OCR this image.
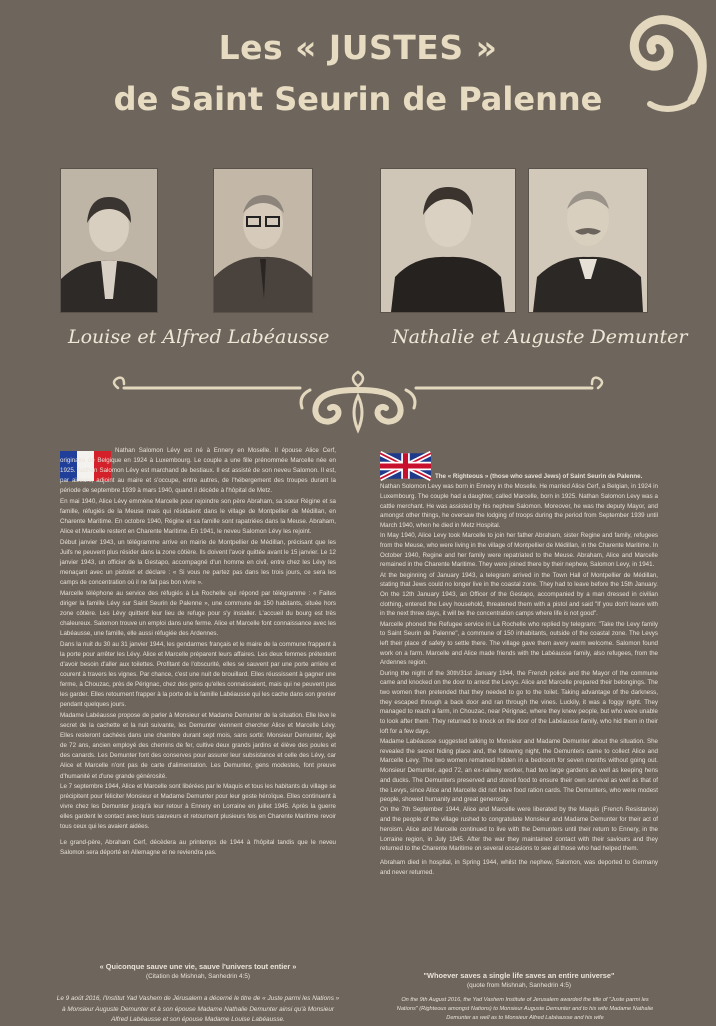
Les « JUSTES »
de Saint Seurin de Palenne
Louise et Alfred Labéausse	Nathalie et Auguste Demunter

Nathan Salomon Lévy est né à Ennery en Moselle. Il épouse Alice Cerf, originaire de Belgique en 1924 à Luxembourg. Le couple a une fille prénommée Marcelle née en 1925. Nathan Salomon Lévy est marchand de bestiaux. Il est assisté de son neveu Salomon. Il est, par ailleurs, adjoint au maire et s'occupe, entre autres, de l'hébergement des troupes durant la période de septembre 1939 à mars 1940, quand il décède à l'hôpital de Metz.

En mai 1940, Alice Lévy emmène Marcelle pour rejoindre son père Abraham, sa sœur Régine et sa famille, réfugiés de la Meuse mais qui résidaient dans le village de Montpellier de Médillan, en Charente Maritime. En octobre 1940, Régine et sa famille sont rapatriées dans la Meuse. Abraham, Alice et Marcelle restent en Charente Maritime. En 1941, le neveu Salomon Lévy les rejoint.

Début janvier 1943, un télégramme arrive en mairie de Montpellier de Médillan, précisant que les Juifs ne peuvent plus résider dans la zone côtière. Ils doivent l'avoir quittée avant le 15 janvier. Le 12 janvier 1943, un officier de la Gestapo, accompagné d'un homme en civil, entre chez les Lévy les menaçant avec un pistolet et déclare : « Si vous ne partez pas dans les trois jours, ce sera les camps de concentration où il ne fait pas bon vivre ».

Marcelle téléphone au service des réfugiés à La Rochelle qui répond par télégramme : « Faites diriger la famille Lévy sur Saint Seurin de Palenne », une commune de 150 habitants, située hors zone côtière. Les Lévy quittent leur lieu de refuge pour s'y installer. L'accueil du bourg est très chaleureux. Salomon trouve un emploi dans une ferme. Alice et Marcelle font connaissance avec les Labéausse, une famille, elle aussi réfugiée des Ardennes.

Dans la nuit du 30 au 31 janvier 1944, les gendarmes français et le maire de la commune frappent à la porte pour arrêter les Lévy. Alice et Marcelle préparent leurs affaires. Les deux femmes prétextent d'avoir besoin d'aller aux toilettes. Profitant de l'obscurité, elles se sauvent par une porte arrière et courent à travers les vignes. Par chance, c'est une nuit de brouillard. Elles réussissent à gagner une ferme, à Chouzac, près de Pérignac, chez des gens qu'elles connaissaient, mais qui ne peuvent pas les garder. Elles retournent frapper à la porte de la famille Labéausse qui les cache dans son grenier pendant quelques jours.

Madame Labéausse propose de parler à Monsieur et Madame Demunter de la situation. Elle lève le secret de la cachette et la nuit suivante, les Demunter viennent chercher Alice et Marcelle Lévy. Elles resteront cachées dans une chambre durant sept mois, sans sortir. Monsieur Demunter, âgé de 72 ans, ancien employé des chemins de fer, cultive deux grands jardins et élève des poules et des canards. Les Demunter font des conserves pour assurer leur subsistance et celle des Lévy, car Alice et Marcelle n'ont pas de carte d'alimentation. Les Demunter, gens modestes, font preuve d'humanité et d'une grande générosité.

Le 7 septembre 1944, Alice et Marcelle sont libérées par le Maquis et tous les habitants du village se précipitent pour féliciter Monsieur et Madame Demunter pour leur geste héroïque. Elles continuent à vivre chez les Demunter jusqu'à leur retour à Ennery en Lorraine en juillet 1945. Après la guerre elles gardent le contact avec leurs sauveurs et retournent plusieurs fois en Charente Maritime revoir tous ceux qui les avaient aidées.

Le grand-père, Abraham Cerf, décèdera au printemps de 1944 à l'hôpital tandis que le neveu Salomon sera déporté en Allemagne et ne reviendra pas.

« Quiconque sauve une vie, sauve l'univers tout entier »
(Citation de Mishnah, Sanhedrin 4:5)
Le 9 août 2016, l'Institut Yad Vashem de Jérusalem a décerné le titre de « Juste parmi les Nations » à Monsieur Auguste Demunter et à son épouse Madame Nathalie Demunter ainsi qu'à Monsieur Alfred Labéausse et son épouse Madame Louise Labéausse.

The « Righteous » (those who saved Jews) of Saint Seurin de Palenne.

Nathan Solomon Levy was born in Ennery in the Moselle. He married Alice Cerf, a Belgian, in 1924 in Luxembourg. The couple had a daughter, called Marcelle, born in 1925. Nathan Salomon Levy was a cattle merchant. He was assisted by his nephew Salomon. Moreover, he was the deputy Mayor, and amongst other things, he oversaw the lodging of troops during the period from September 1939 until March 1940, when he died in Metz Hospital.

In May 1940, Alice Levy took Marcelle to join her father Abraham, sister Regine and family, refugees from the Meuse, who were living in the village of Montpellier de Médillan, in the Charente Maritime. In October 1940, Regine and her family were repatriated to the Meuse. Abraham, Alice and Marcelle remained in the Charente Maritime. They were joined there by their nephew, Salomon Levy, in 1941.

At the beginning of January 1943, a telegram arrived in the Town Hall of Montpellier de Médillan, stating that Jews could no longer live in the coastal zone. They had to leave before the 15th January. On the 12th January 1943, an Officer of the Gestapo, accompanied by a man dressed in civilian clothing, entered the Levy household, threatened them with a pistol and said "If you don't leave with in the next three days, it will be the concentration camps where life is not good".

Marcelle phoned the Refugee service in La Rochelle who replied by telegram: "Take the Levy family to Saint Seurin de Palenne", a commune of 150 inhabitants, outside of the coastal zone. The Levys left their place of safety to settle there. The village gave them avery warm welcome. Salomon found work on a farm. Marcelle and Alice made friends with the Labéausse family, also refugees, from the Ardennes region.

During the night of the 30th/31st January 1944, the French police and the Mayor of the commune came and knocked on the door to arrest the Levys. Alice and Marcelle prepared their belongings. The two women then pretended that they needed to go to the toilet. Taking advantage of the darkness, they escaped through a back door and ran through the vines. Luckily, it was a foggy night. They managed to reach a farm, in Chouzac, near Pérignac, where they knew people, but who were unable to look after them. They returned to knock on the door of the Labéausse family, who hid them in their loft for a few days.

Madame Labéausse suggested talking to Monsieur and Madame Demunter about the situation. She revealed the secret hiding place and, the following night, the Demunters came to collect Alice and Marcelle Levy. The two women remained hidden in a bedroom for seven months without going out. Monsieur Demunter, aged 72, an ex-railway worker, had two large gardens as well as keeping hens and ducks. The Demunters preserved and stored food to ensure their own survival as well as that of the Levys, since Alice and Marcelle did not have food ration cards. The Demunters, who were modest people, showed humanity and great generosity.

On the 7th September 1944, Alice and Marcelle were liberated by the Maquis (French Resistance) and the people of the village rushed to congratulate Monsieur and Madame Demunter for their act of heroism. Alice and Marcelle continued to live with the Demunters until their return to Ennery, in the Lorraine region, in July 1945. After the war they maintained contact with their saviours and they returned to the Charente Maritime on several occasions to see all those who had helped them.

Abraham died in hospital, in Spring 1944, whilst the nephew, Salomon, was deported to Germany and never returned.

"Whoever saves a single life saves an entire universe"
(quote from Mishnah, Sanhedrin 4:5)
On the 9th August 2016, the Yad Vashem Institute of Jerusalem awarded the title of "Juste parmi les Nations" (Righteous amongst Nations) to Monsieur Auguste Demunter and to his wife Madame Nathalie Demunter as well as to Monsieur Alfred Labéausse and his wife
